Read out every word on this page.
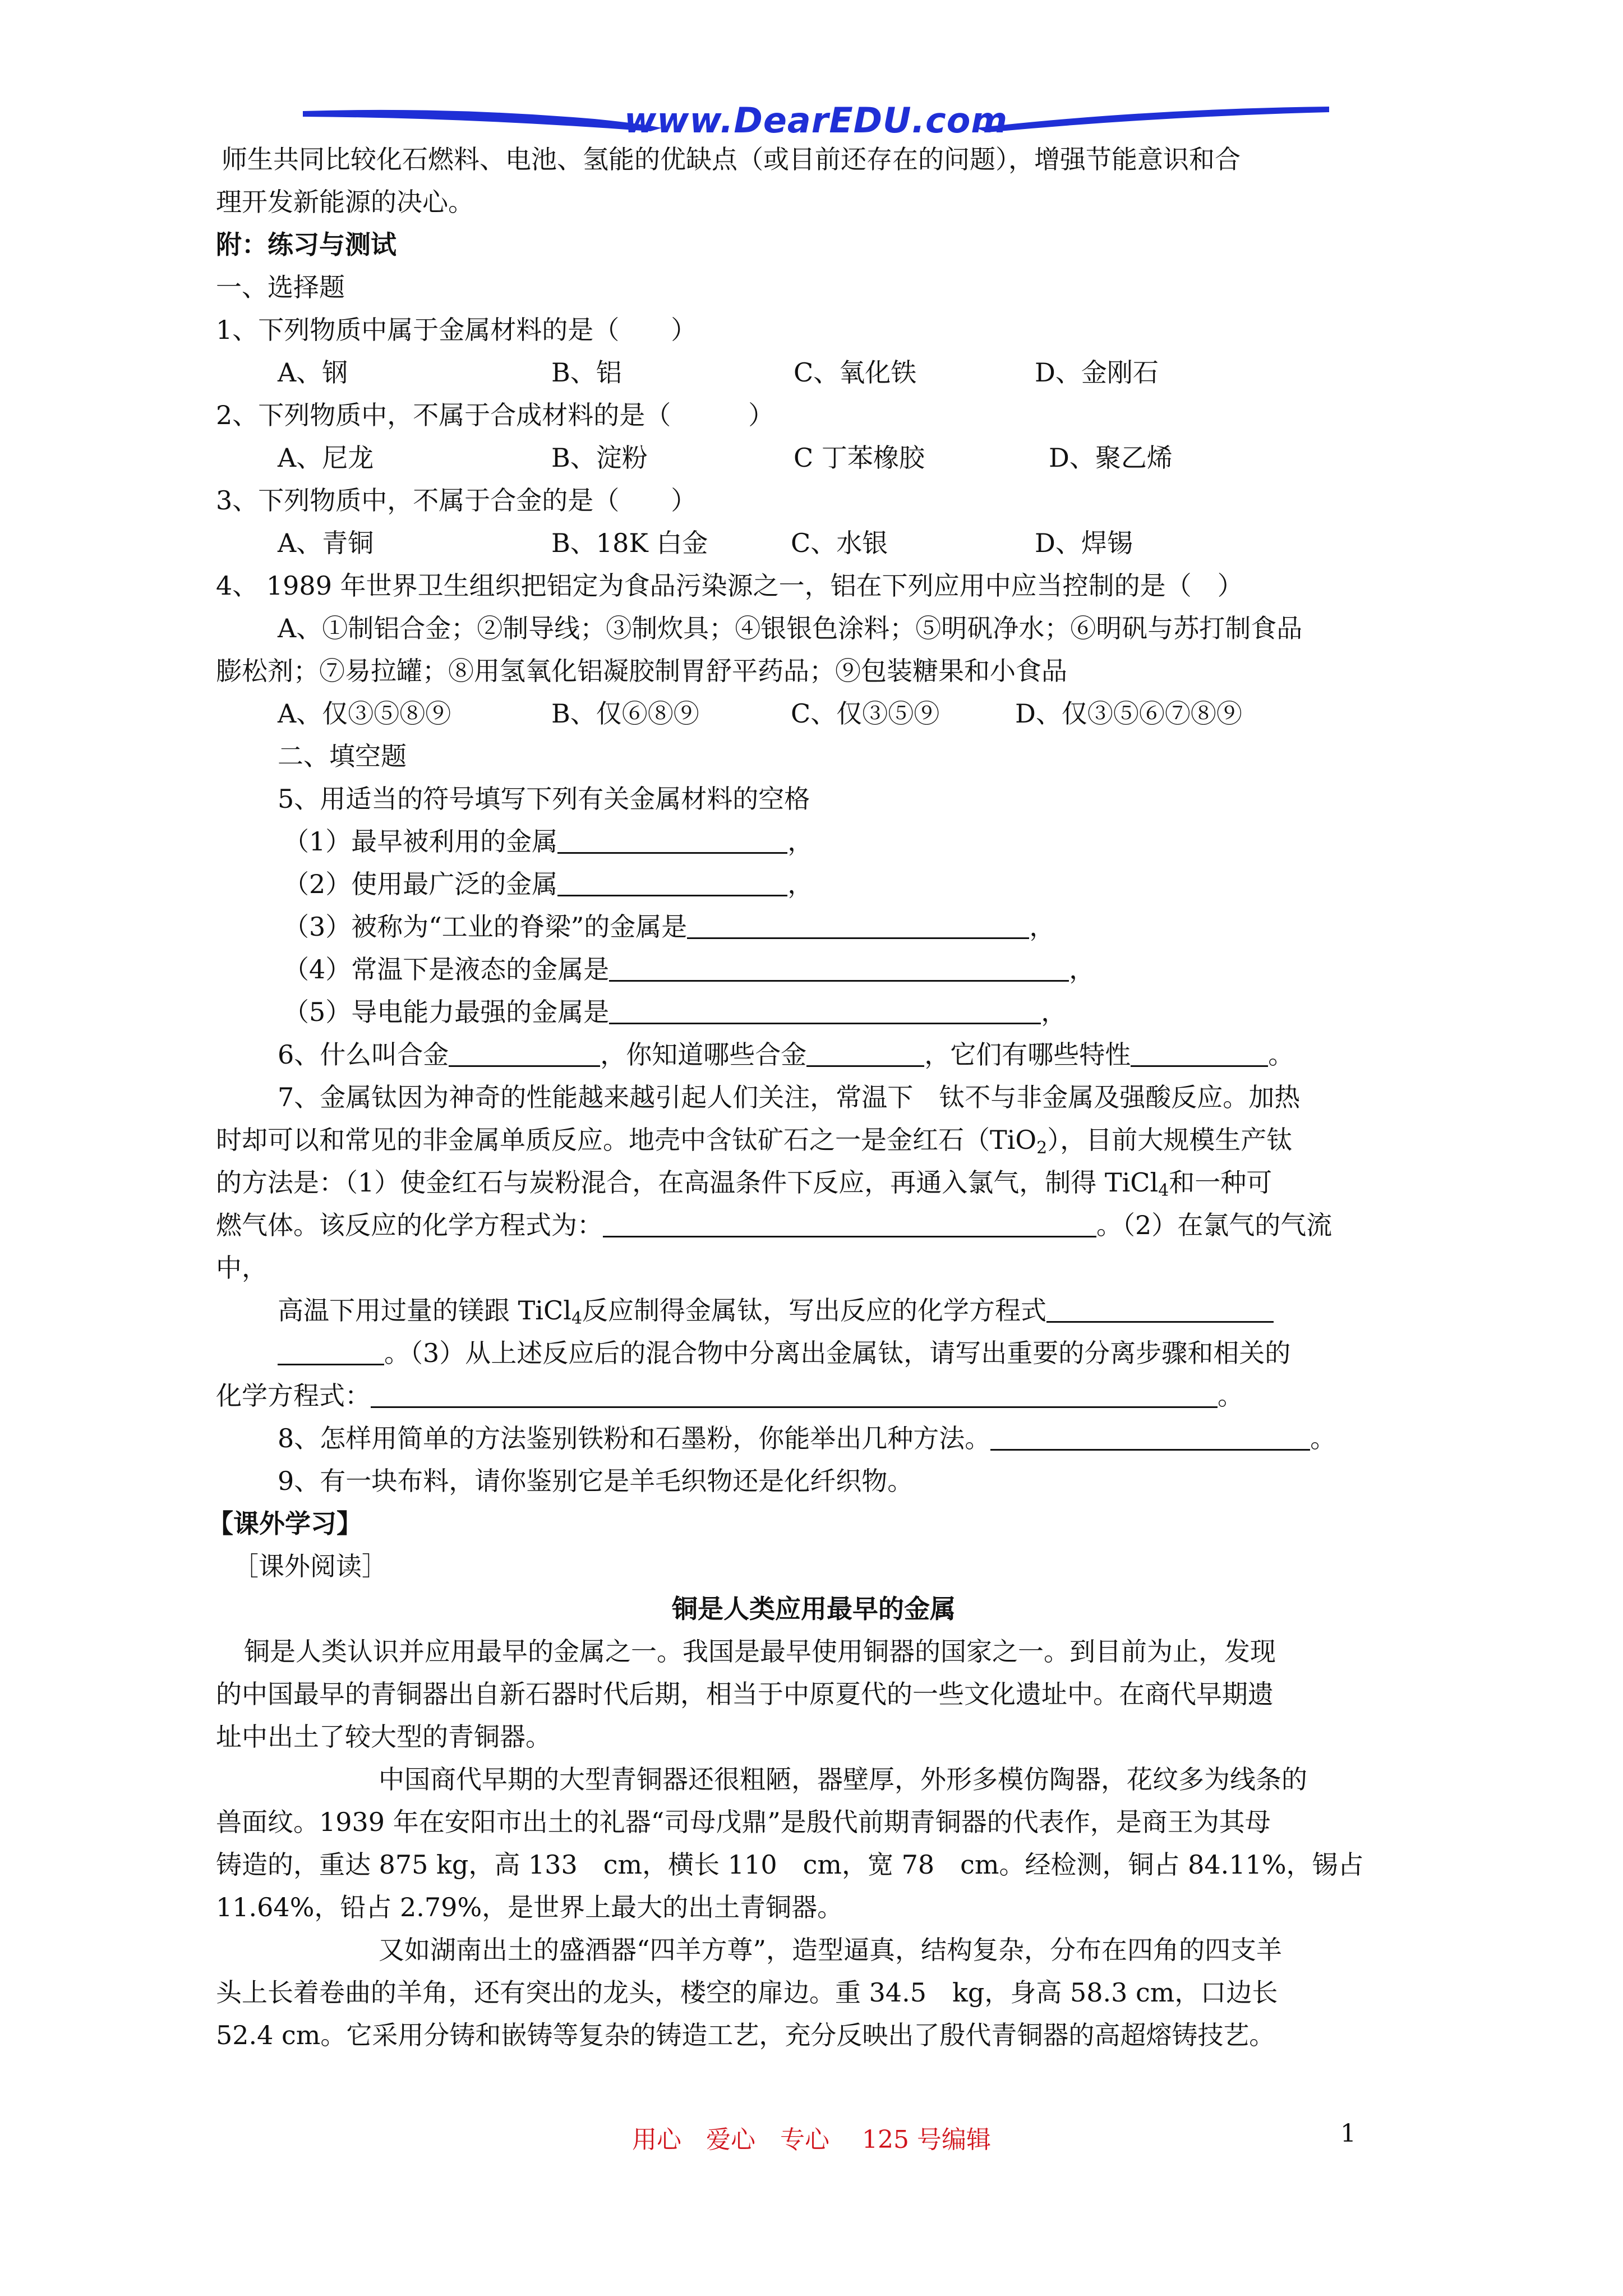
www.DearEDU.com
师生共同比较化石燃料、电池、氢能的优缺点（或目前还存在的问题），增强节能意识和合
理开发新能源的决心。
附：练习与测试
一、选择题
1、下列物质中属于金属材料的是（　　）
A、钢	B、铝	C、氧化铁	D、金刚石
2、下列物质中，不属于合成材料的是（　　　）
A、尼龙	B、淀粉	C 丁苯橡胶	D、聚乙烯
3、下列物质中，不属于合金的是（　　）
A、青铜	B、18K 白金	C、水银	D、焊锡
4、 1989 年世界卫生组织把铝定为食品污染源之一，铝在下列应用中应当控制的是（　）
A、①制铝合金；②制导线；③制炊具；④银银色涂料；⑤明矾净水；⑥明矾与苏打制食品
膨松剂；⑦易拉罐；⑧用氢氧化铝凝胶制胃舒平药品；⑨包装糖果和小食品
A、仅③⑤⑧⑨	B、仅⑥⑧⑨	C、仅③⑤⑨	D、仅③⑤⑥⑦⑧⑨
二、填空题
5、用适当的符号填写下列有关金属材料的空格
（1）最早被利用的金属	，
（2）使用最广泛的金属	，
（3）被称为“工业的脊梁”的金属是	，
（4）常温下是液态的金属是	，
（5）导电能力最强的金属是	，
6、什么叫合金	，你知道哪些合金	，它们有哪些特性	。
7、金属钛因为神奇的性能越来越引起人们关注，常温下　钛不与非金属及强酸反应。加热
时却可以和常见的非金属单质反应。地壳中含钛矿石之一是金红石（TiO$_2$），目前大规模生产钛
的方法是：（1）使金红石与炭粉混合，在高温条件下反应，再通入氯气，制得 TiCl$_4$和一种可
燃气体。该反应的化学方程式为：	。（2）在氯气的气流
中，
高温下用过量的镁跟 TiCl$_4$反应制得金属钛，写出反应的化学方程式
。（3）从上述反应后的混合物中分离出金属钛，请写出重要的分离步骤和相关的
化学方程式：	。
8、怎样用简单的方法鉴别铁粉和石墨粉，你能举出几种方法。	。
9、有一块布料，请你鉴别它是羊毛织物还是化纤织物。
【课外学习】
［课外阅读］
铜是人类应用最早的金属
铜是人类认识并应用最早的金属之一。我国是最早使用铜器的国家之一。到目前为止，发现
的中国最早的青铜器出自新石器时代后期，相当于中原夏代的一些文化遗址中。在商代早期遗
址中出土了较大型的青铜器。
中国商代早期的大型青铜器还很粗陋，器壁厚，外形多模仿陶器，花纹多为线条的
兽面纹。1939 年在安阳市出土的礼器“司母戊鼎”是殷代前期青铜器的代表作，是商王为其母
铸造的，重达 875 kg，高 133　cm，横长 110　cm，宽 78　cm。经检测，铜占 84.11%，锡占
11.64%，铅占 2.79%，是世界上最大的出土青铜器。
又如湖南出土的盛酒器“四羊方尊”，造型逼真，结构复杂，分布在四角的四支羊
头上长着卷曲的羊角，还有突出的龙头，楼空的扉边。重 34.5　kg，身高 58.3 cm，口边长
52.4 cm。它采用分铸和嵌铸等复杂的铸造工艺，充分反映出了殷代青铜器的高超熔铸技艺。
用心　爱心　专心　 125 号编辑	1
